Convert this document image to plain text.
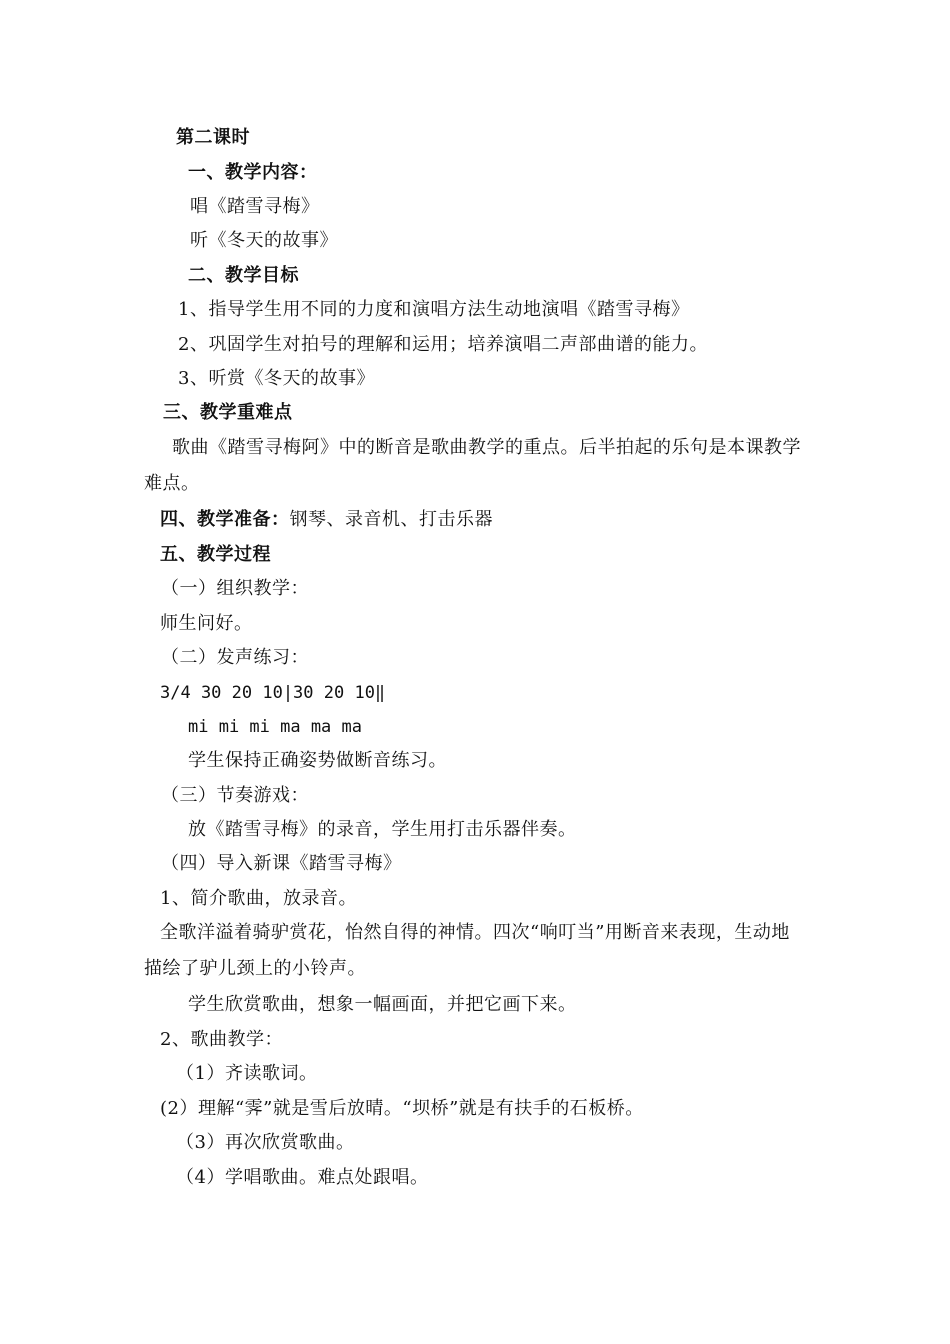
第二课时
一、教学内容：
唱《踏雪寻梅》
听《冬天的故事》
二、教学目标
1、指导学生用不同的力度和演唱方法生动地演唱《踏雪寻梅》
2、巩固学生对拍号的理解和运用；培养演唱二声部曲谱的能力。
3、听赏《冬天的故事》
三、教学重难点
歌曲《踏雪寻梅阿》中的断音是歌曲教学的重点。后半拍起的乐句是本课教学
难点。
四、教学准备：钢琴、录音机、打击乐器
五、教学过程
（一）组织教学：
师生问好。
（二）发声练习：
3/4 30 20 10|30 20 10‖
mi mi mi ma ma ma
学生保持正确姿势做断音练习。
（三）节奏游戏：
放《踏雪寻梅》的录音，学生用打击乐器伴奏。
（四）导入新课《踏雪寻梅》
1、简介歌曲，放录音。
全歌洋溢着骑驴赏花，怡然自得的神情。四次“响叮当”用断音来表现，生动地
描绘了驴儿颈上的小铃声。
学生欣赏歌曲，想象一幅画面，并把它画下来。
2、歌曲教学：
（1）齐读歌词。
(2）理解“霁”就是雪后放晴。“坝桥”就是有扶手的石板桥。
（3）再次欣赏歌曲。
（4）学唱歌曲。难点处跟唱。
